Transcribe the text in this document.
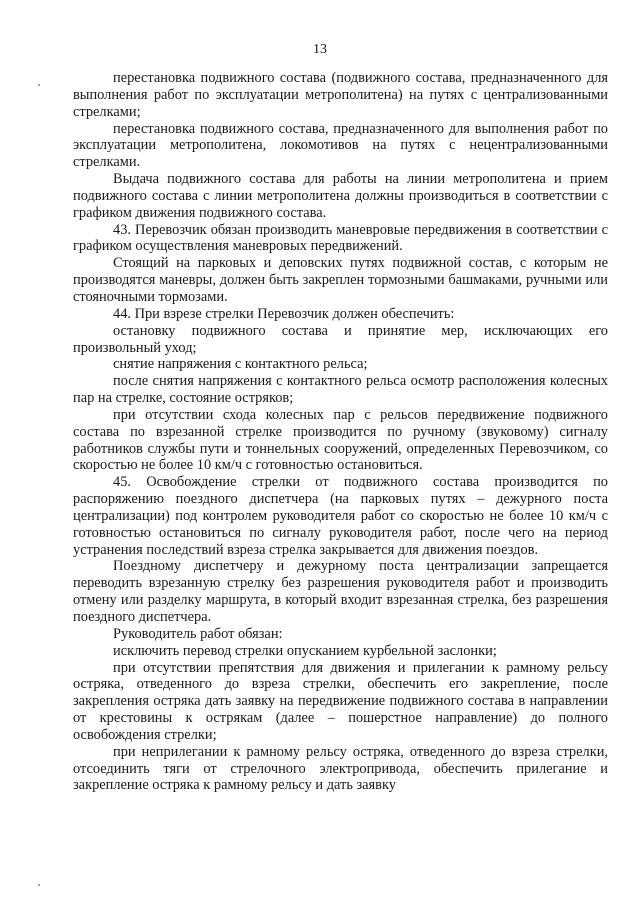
13

перестановка подвижного состава (подвижного состава, предназначенного для выполнения работ по эксплуатации метрополитена) на путях с централизованными стрелками;

перестановка подвижного состава, предназначенного для выполнения работ по эксплуатации метрополитена, локомотивов на путях с нецентрализованными стрелками.

Выдача подвижного состава для работы на линии метрополитена и прием подвижного состава с линии метрополитена должны производиться в соответствии с графиком движения подвижного состава.

43. Перевозчик обязан производить маневровые передвижения в соответствии с графиком осуществления маневровых передвижений.

Стоящий на парковых и деповских путях подвижной состав, с которым не производятся маневры, должен быть закреплен тормозными башмаками, ручными или стояночными тормозами.

44. При взрезе стрелки Перевозчик должен обеспечить:

остановку подвижного состава и принятие мер, исключающих его произвольный уход;

снятие напряжения с контактного рельса;

после снятия напряжения с контактного рельса осмотр расположения колесных пар на стрелке, состояние остряков;

при отсутствии схода колесных пар с рельсов передвижение подвижного состава по взрезанной стрелке производится по ручному (звуковому) сигналу работников службы пути и тоннельных сооружений, определенных Перевозчиком, со скоростью не более 10 км/ч с готовностью остановиться.

45. Освобождение стрелки от подвижного состава производится по распоряжению поездного диспетчера (на парковых путях – дежурного поста централизации) под контролем руководителя работ со скоростью не более 10 км/ч с готовностью остановиться по сигналу руководителя работ, после чего на период устранения последствий взреза стрелка закрывается для движения поездов.

Поездному диспетчеру и дежурному поста централизации запрещается переводить взрезанную стрелку без разрешения руководителя работ и производить отмену или разделку маршрута, в который входит взрезанная стрелка, без разрешения поездного диспетчера.

Руководитель работ обязан:

исключить перевод стрелки опусканием курбельной заслонки;

при отсутствии препятствия для движения и прилегании к рамному рельсу остряка, отведенного до взреза стрелки, обеспечить его закрепление, после закрепления остряка дать заявку на передвижение подвижного состава в направлении от крестовины к острякам (далее – пошерстное направление) до полного освобождения стрелки;

при неприлегании к рамному рельсу остряка, отведенного до взреза стрелки, отсоединить тяги от стрелочного электропривода, обеспечить прилегание и закрепление остряка к рамному рельсу и дать заявку
